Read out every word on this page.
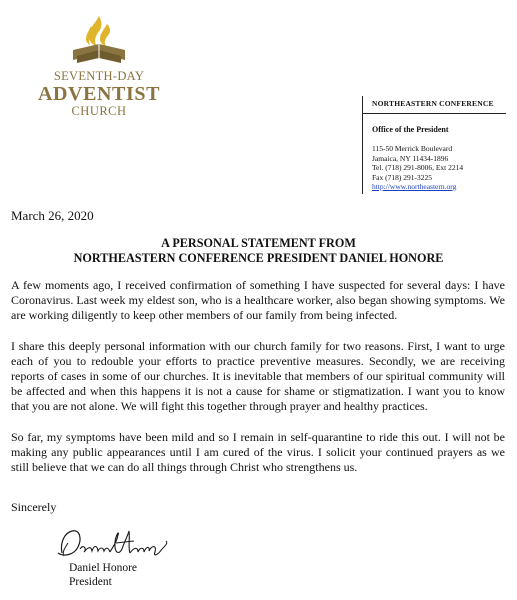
SEVENTH-DAY
ADVENTIST
CHURCH	NORTHEASTERN CONFERENCE
Office of the President
115-50 Merrick Boulevard
Jamaica, NY 11434-1896
Tel. (718) 291-8006, Ext 2214
Fax (718) 291-3225
http://www.northeastern.org
March 26, 2020
A PERSONAL STATEMENT FROM
NORTHEASTERN CONFERENCE PRESIDENT DANIEL HONORE

A few moments ago, I received confirmation of something I have suspected for several days: I have Coronavirus. Last week my eldest son, who is a healthcare worker, also began showing symptoms. We are working diligently to keep other members of our family from being infected.

I share this deeply personal information with our church family for two reasons. First, I want to urge each of you to redouble your efforts to practice preventive measures. Secondly, we are receiving reports of cases in some of our churches. It is inevitable that members of our spiritual community will be affected and when this happens it is not a cause for shame or stigmatization. I want you to know that you are not alone. We will fight this together through prayer and healthy practices.

So far, my symptoms have been mild and so I remain in self-quarantine to ride this out. I will not be making any public appearances until I am cured of the virus. I solicit your continued prayers as we still believe that we can do all things through Christ who strengthens us.

Sincerely
Daniel Honore
President
